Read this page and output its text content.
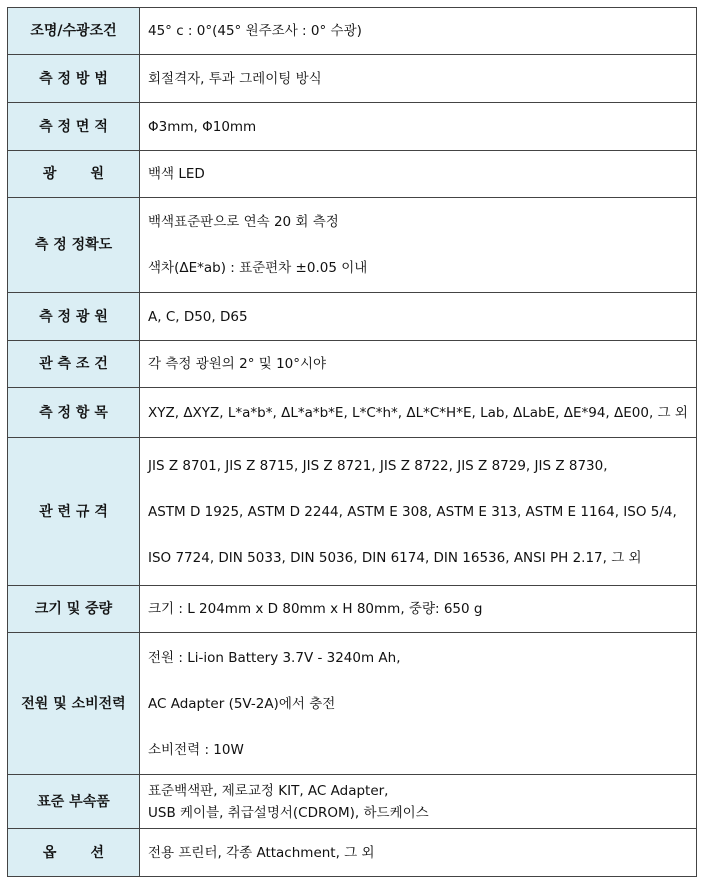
조명/수광조건	45° c : 0°(45° 원주조사 : 0° 수광)

측 정 방 법	회절격자, 투과 그레이팅 방식

측 정 면 적	Φ3mm, Φ10mm

광       원	백색 LED

측 정 정확도	백색표준판으로 연속 20 회 측정
색차(ΔE*ab) : 표준편차 ±0.05 이내

측 정 광 원	A, C, D50, D65

관 측 조 건	각 측정 광원의 2° 및 10°시야

측 정 항 목	XYZ, ΔXYZ, L*a*b*, ΔL*a*b*E, L*C*h*, ΔL*C*H*E, Lab, ΔLabE, ΔE*94, ΔE00, 그 외

관 련 규 격	JIS Z 8701, JIS Z 8715, JIS Z 8721, JIS Z 8722, JIS Z 8729, JIS Z 8730,
ASTM D 1925, ASTM D 2244, ASTM E 308, ASTM E 313, ASTM E 1164, ISO 5/4,
ISO 7724, DIN 5033, DIN 5036, DIN 6174, DIN 16536, ANSI PH 2.17, 그 외

크기 및 중량	크기 : L 204mm x D 80mm x H 80mm, 중량: 650 g

전원 및 소비전력	전원 : Li-ion Battery 3.7V - 3240m Ah,
AC Adapter (5V-2A)에서 충전
소비전력 : 10W

표준 부속품	표준백색판, 제로교정 KIT, AC Adapter,
USB 케이블, 취급설명서(CDROM), 하드케이스

옵       션	전용 프린터, 각종 Attachment, 그 외
